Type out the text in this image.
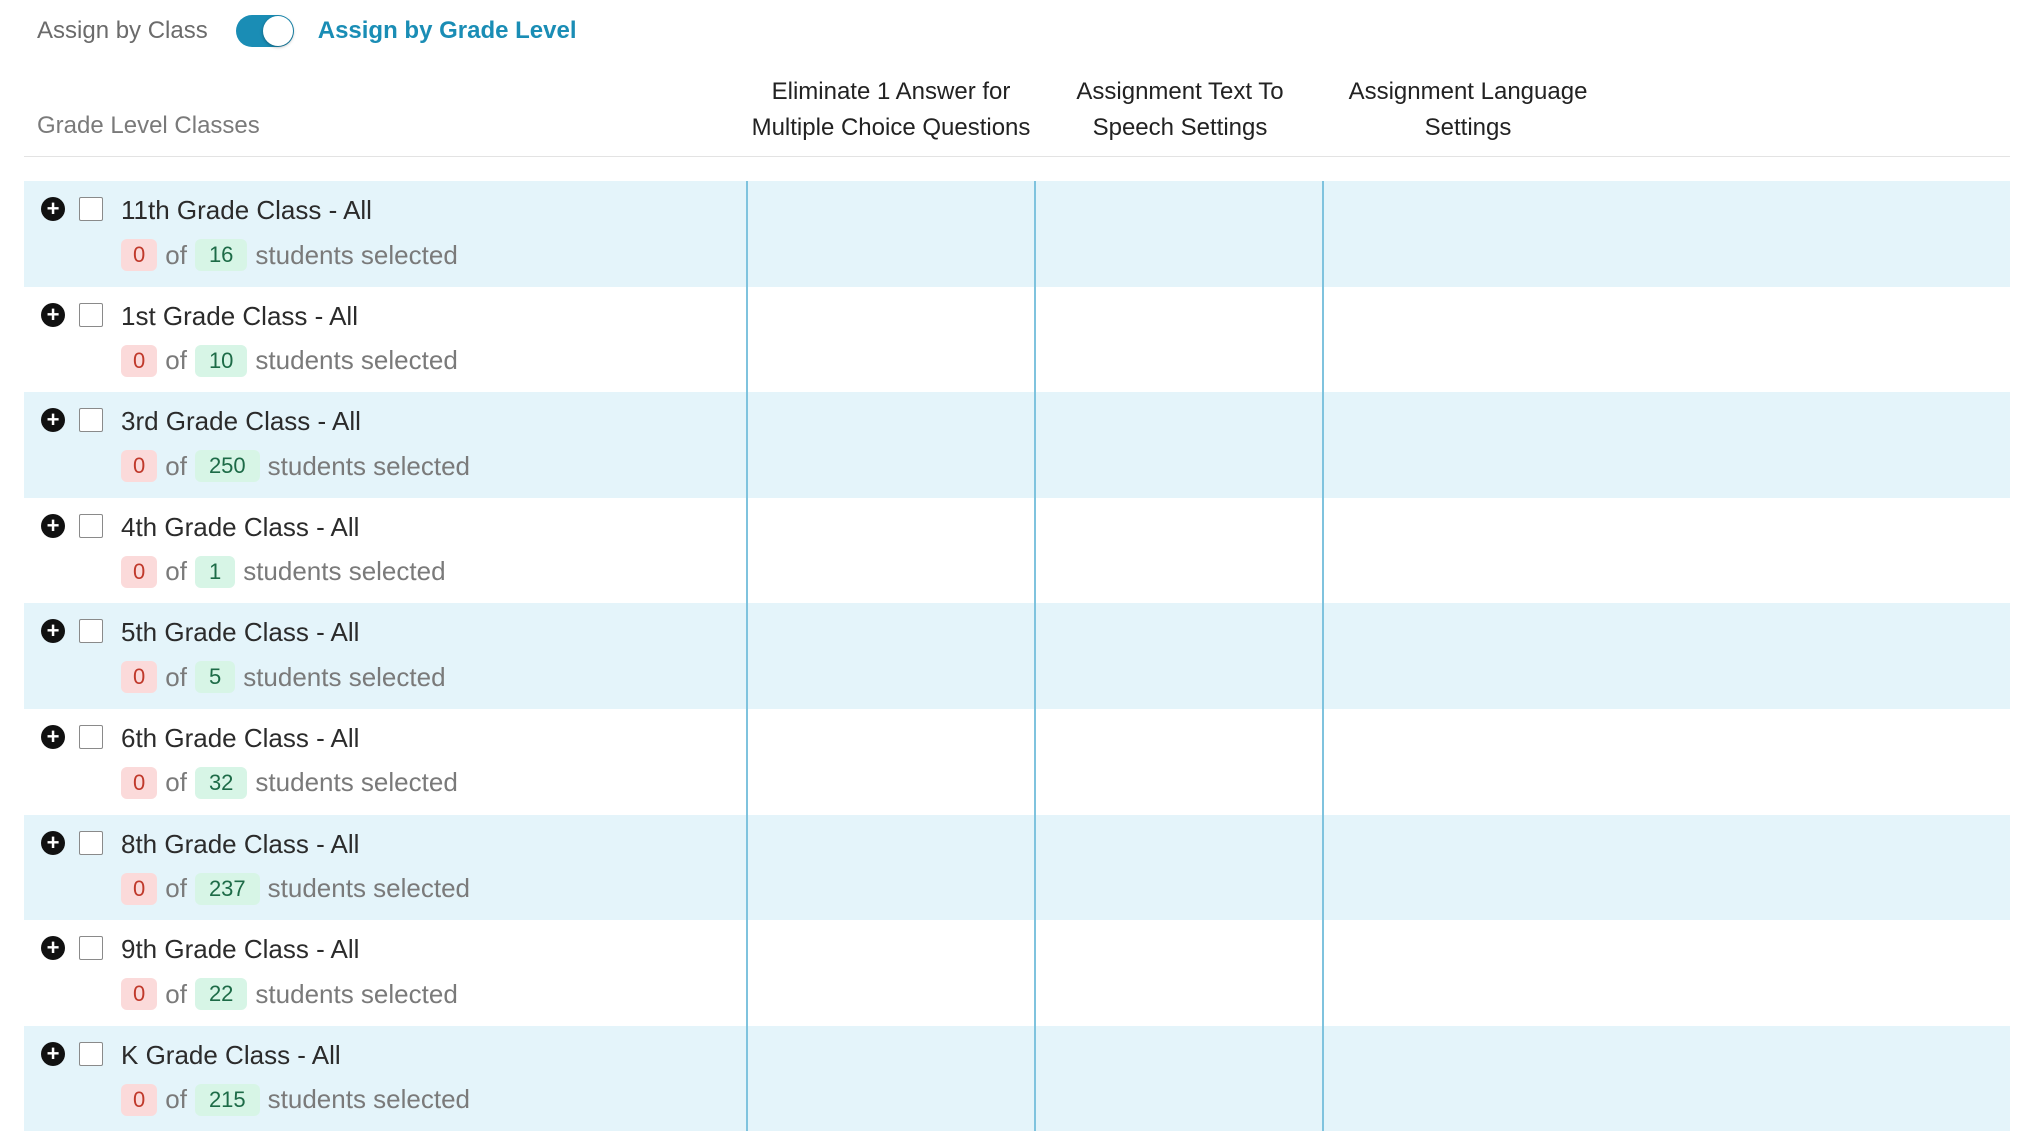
Assign by Class	Assign by Grade Level
Grade Level Classes
Eliminate 1 Answer for
Multiple Choice Questions
Assignment Text To
Speech Settings
Assignment Language
Settings
+ 11th Grade Class - All
0 of	16 students selected
+ 1st Grade Class - All
0 of	10 students selected
+ 3rd Grade Class - All
0 of	250 students selected
+ 4th Grade Class - All
0 of	1 students selected
+ 5th Grade Class - All
0 of	5 students selected
+ 6th Grade Class - All
0 of	32 students selected
+ 8th Grade Class - All
0 of	237 students selected
+ 9th Grade Class - All
0 of	22 students selected
+ K Grade Class - All
0 of	215 students selected
